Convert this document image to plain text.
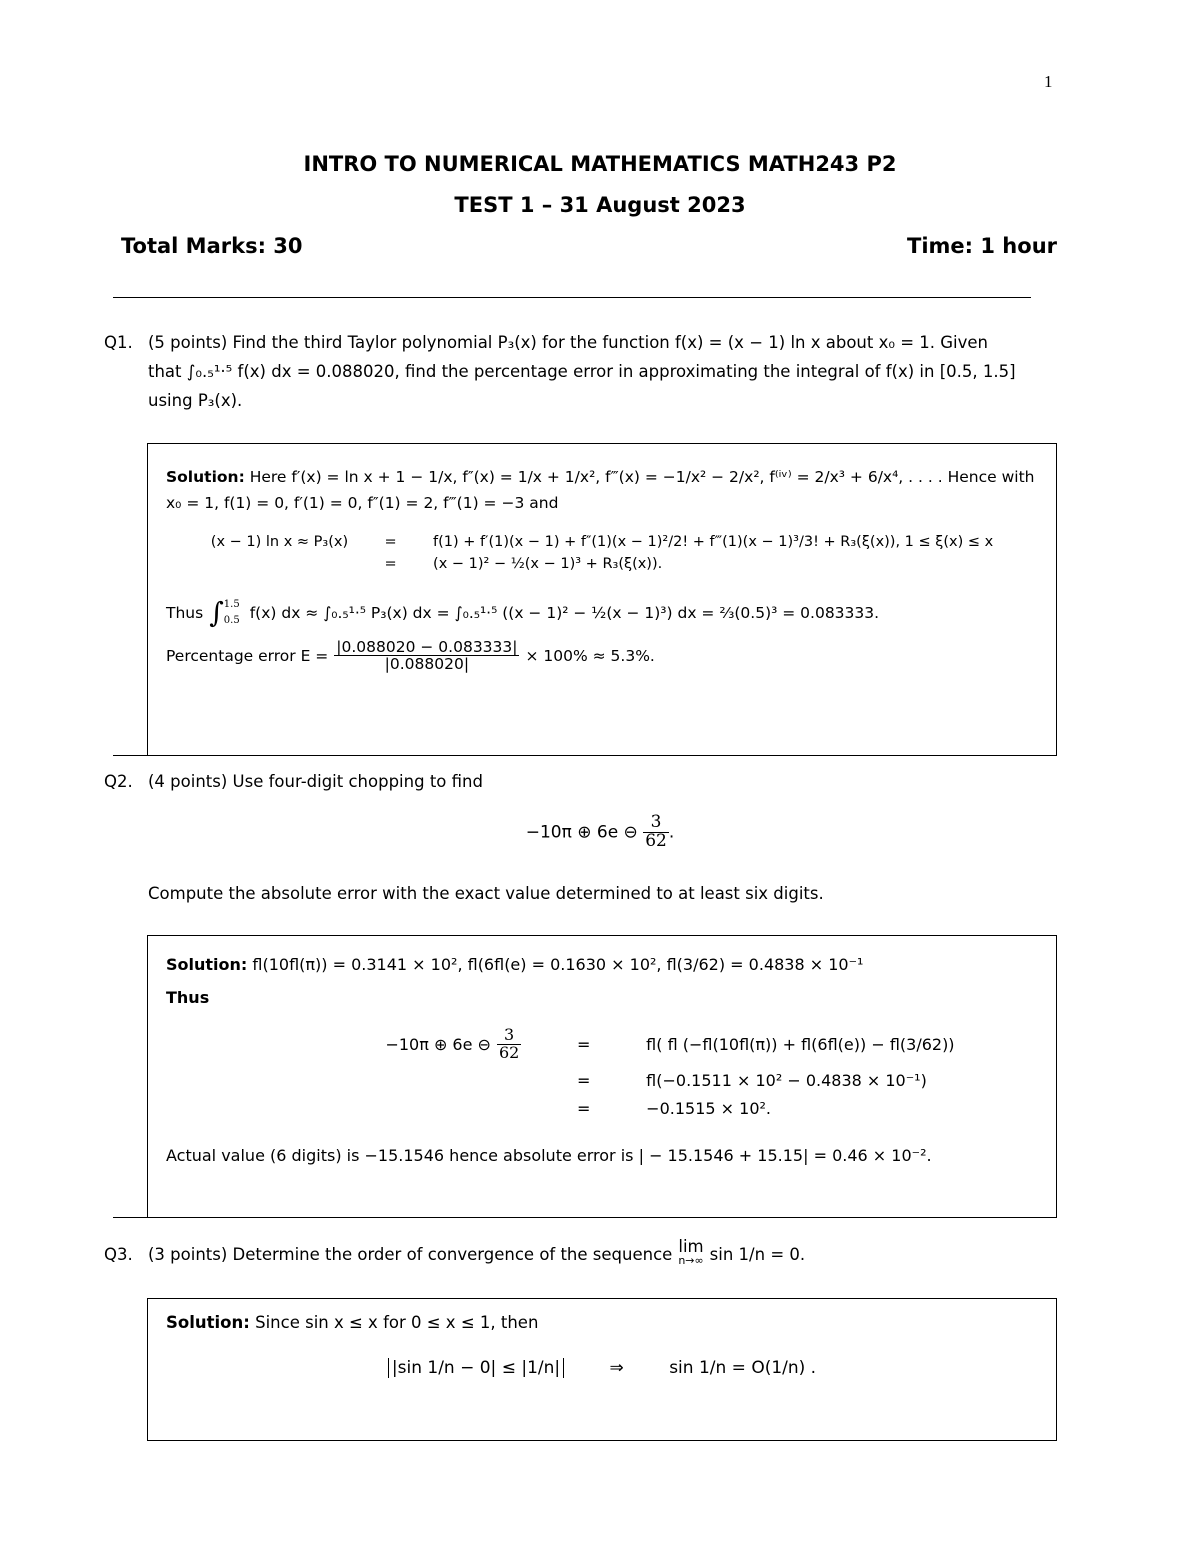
1
INTRO TO NUMERICAL MATHEMATICS MATH243 P2
TEST 1 – 31 August 2023
Total Marks: 30	Time: 1 hour
Q1. (5 points) Find the third Taylor polynomial P₃(x) for the function f(x) = (x − 1) ln x about x₀ = 1. Given
that ∫₀.₅¹·⁵ f(x) dx = 0.088020, find the percentage error in approximating the integral of f(x) in [0.5, 1.5]
using P₃(x).
Solution: Here f′(x) = ln x + 1 − 1/x, f″(x) = 1/x + 1/x², f‴(x) = −1/x² − 2/x², f⁽ⁱᵛ⁾ = 2/x³ + 6/x⁴, . . . . Hence with
x₀ = 1, f(1) = 0, f′(1) = 0, f″(1) = 2, f‴(1) = −3 and
(x − 1) ln x ≈ P₃(x)	=	f(1) + f′(1)(x − 1) + f″(1)(x − 1)²/2! + f‴(1)(x − 1)³/3! + R₃(ξ(x)), 1 ≤ ξ(x) ≤ x
=	(x − 1)² − ½(x − 1)³ + R₃(ξ(x)).
Thus ∫ 1.5
0.5 f(x) dx ≈ ∫₀.₅¹·⁵ P₃(x) dx = ∫₀.₅¹·⁵ ((x − 1)² − ½(x − 1)³) dx = ⅔(0.5)³ = 0.083333.
Percentage error $E = \frac{|0.088020 - 0.083333|}{|0.088020|} \times 100\% \approx 5.3\%$.
Q2. (4 points) Use four-digit chopping to find
−10π ⊕ 6e ⊖ $\frac{3}{62}$ .
Compute the absolute error with the exact value determined to at least six digits.
Solution: fl(10fl(π)) = 0.3141 × 10², fl(6fl(e) = 0.1630 × 10², fl(3/62) = 0.4838 × 10⁻¹
Thus
−10π ⊕ 6e ⊖ $\frac{3}{62}$	=	fl( fl (−fl(10fl(π)) + fl(6fl(e)) − fl(3/62))
=	fl(−0.1511 × 10² − 0.4838 × 10⁻¹)
=	−0.1515 × 10².
Actual value (6 digits) is −15.1546 hence absolute error is | − 15.1546 + 15.15| = 0.46 × 10⁻².
Q3. (3 points) Determine the order of convergence of the sequence lim
n→∞ sin 1/n = 0.
Solution: Since sin x ≤ x for 0 ≤ x ≤ 1, then
|sin 1/n − 0| ≤ |1/n|	⇒	sin 1/n = O(1/n) .
